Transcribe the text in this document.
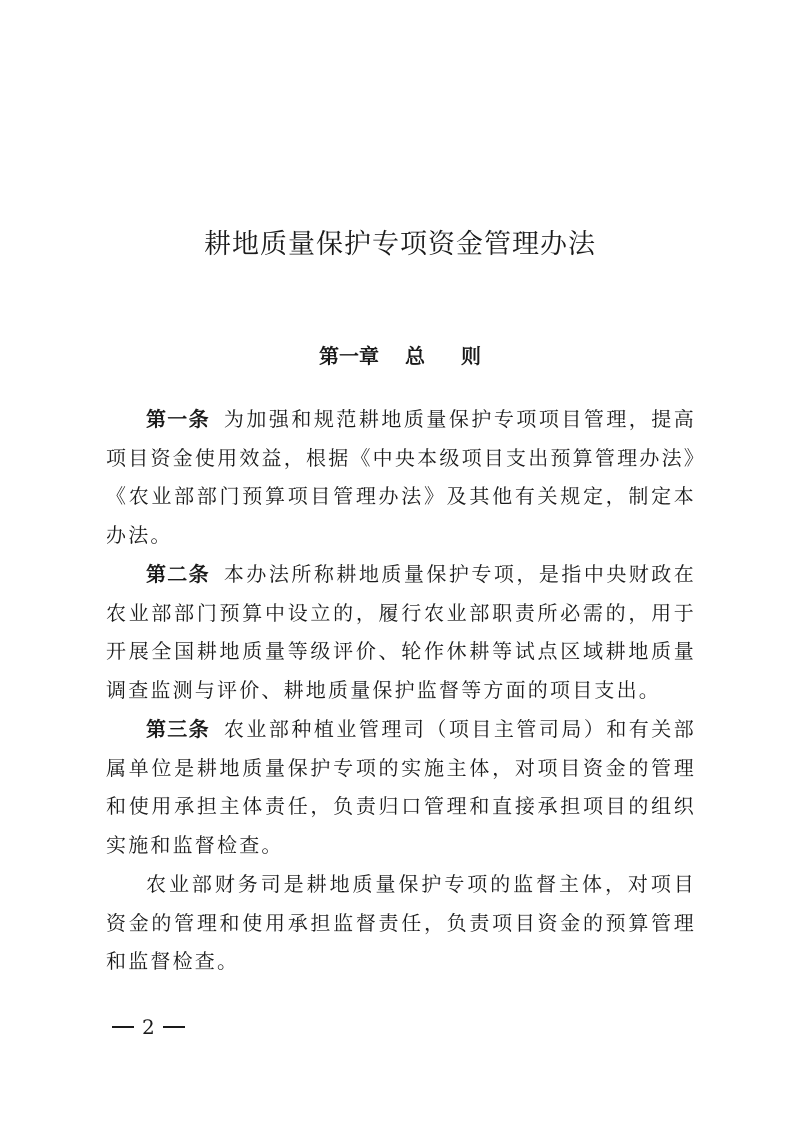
耕地质量保护专项资金管理办法
第一章 总 则

第一条 为加强和规范耕地质量保护专项项目管理，提高项目资金使用效益，根据《中央本级项目支出预算管理办法》《农业部部门预算项目管理办法》及其他有关规定，制定本办法。

第二条 本办法所称耕地质量保护专项，是指中央财政在农业部部门预算中设立的，履行农业部职责所必需的，用于开展全国耕地质量等级评价、轮作休耕等试点区域耕地质量调查监测与评价、耕地质量保护监督等方面的项目支出。

第三条 农业部种植业管理司（项目主管司局）和有关部属单位是耕地质量保护专项的实施主体，对项目资金的管理和使用承担主体责任，负责归口管理和直接承担项目的组织实施和监督检查。

农业部财务司是耕地质量保护专项的监督主体，对项目资金的管理和使用承担监督责任，负责项目资金的预算管理和监督检查。

2
